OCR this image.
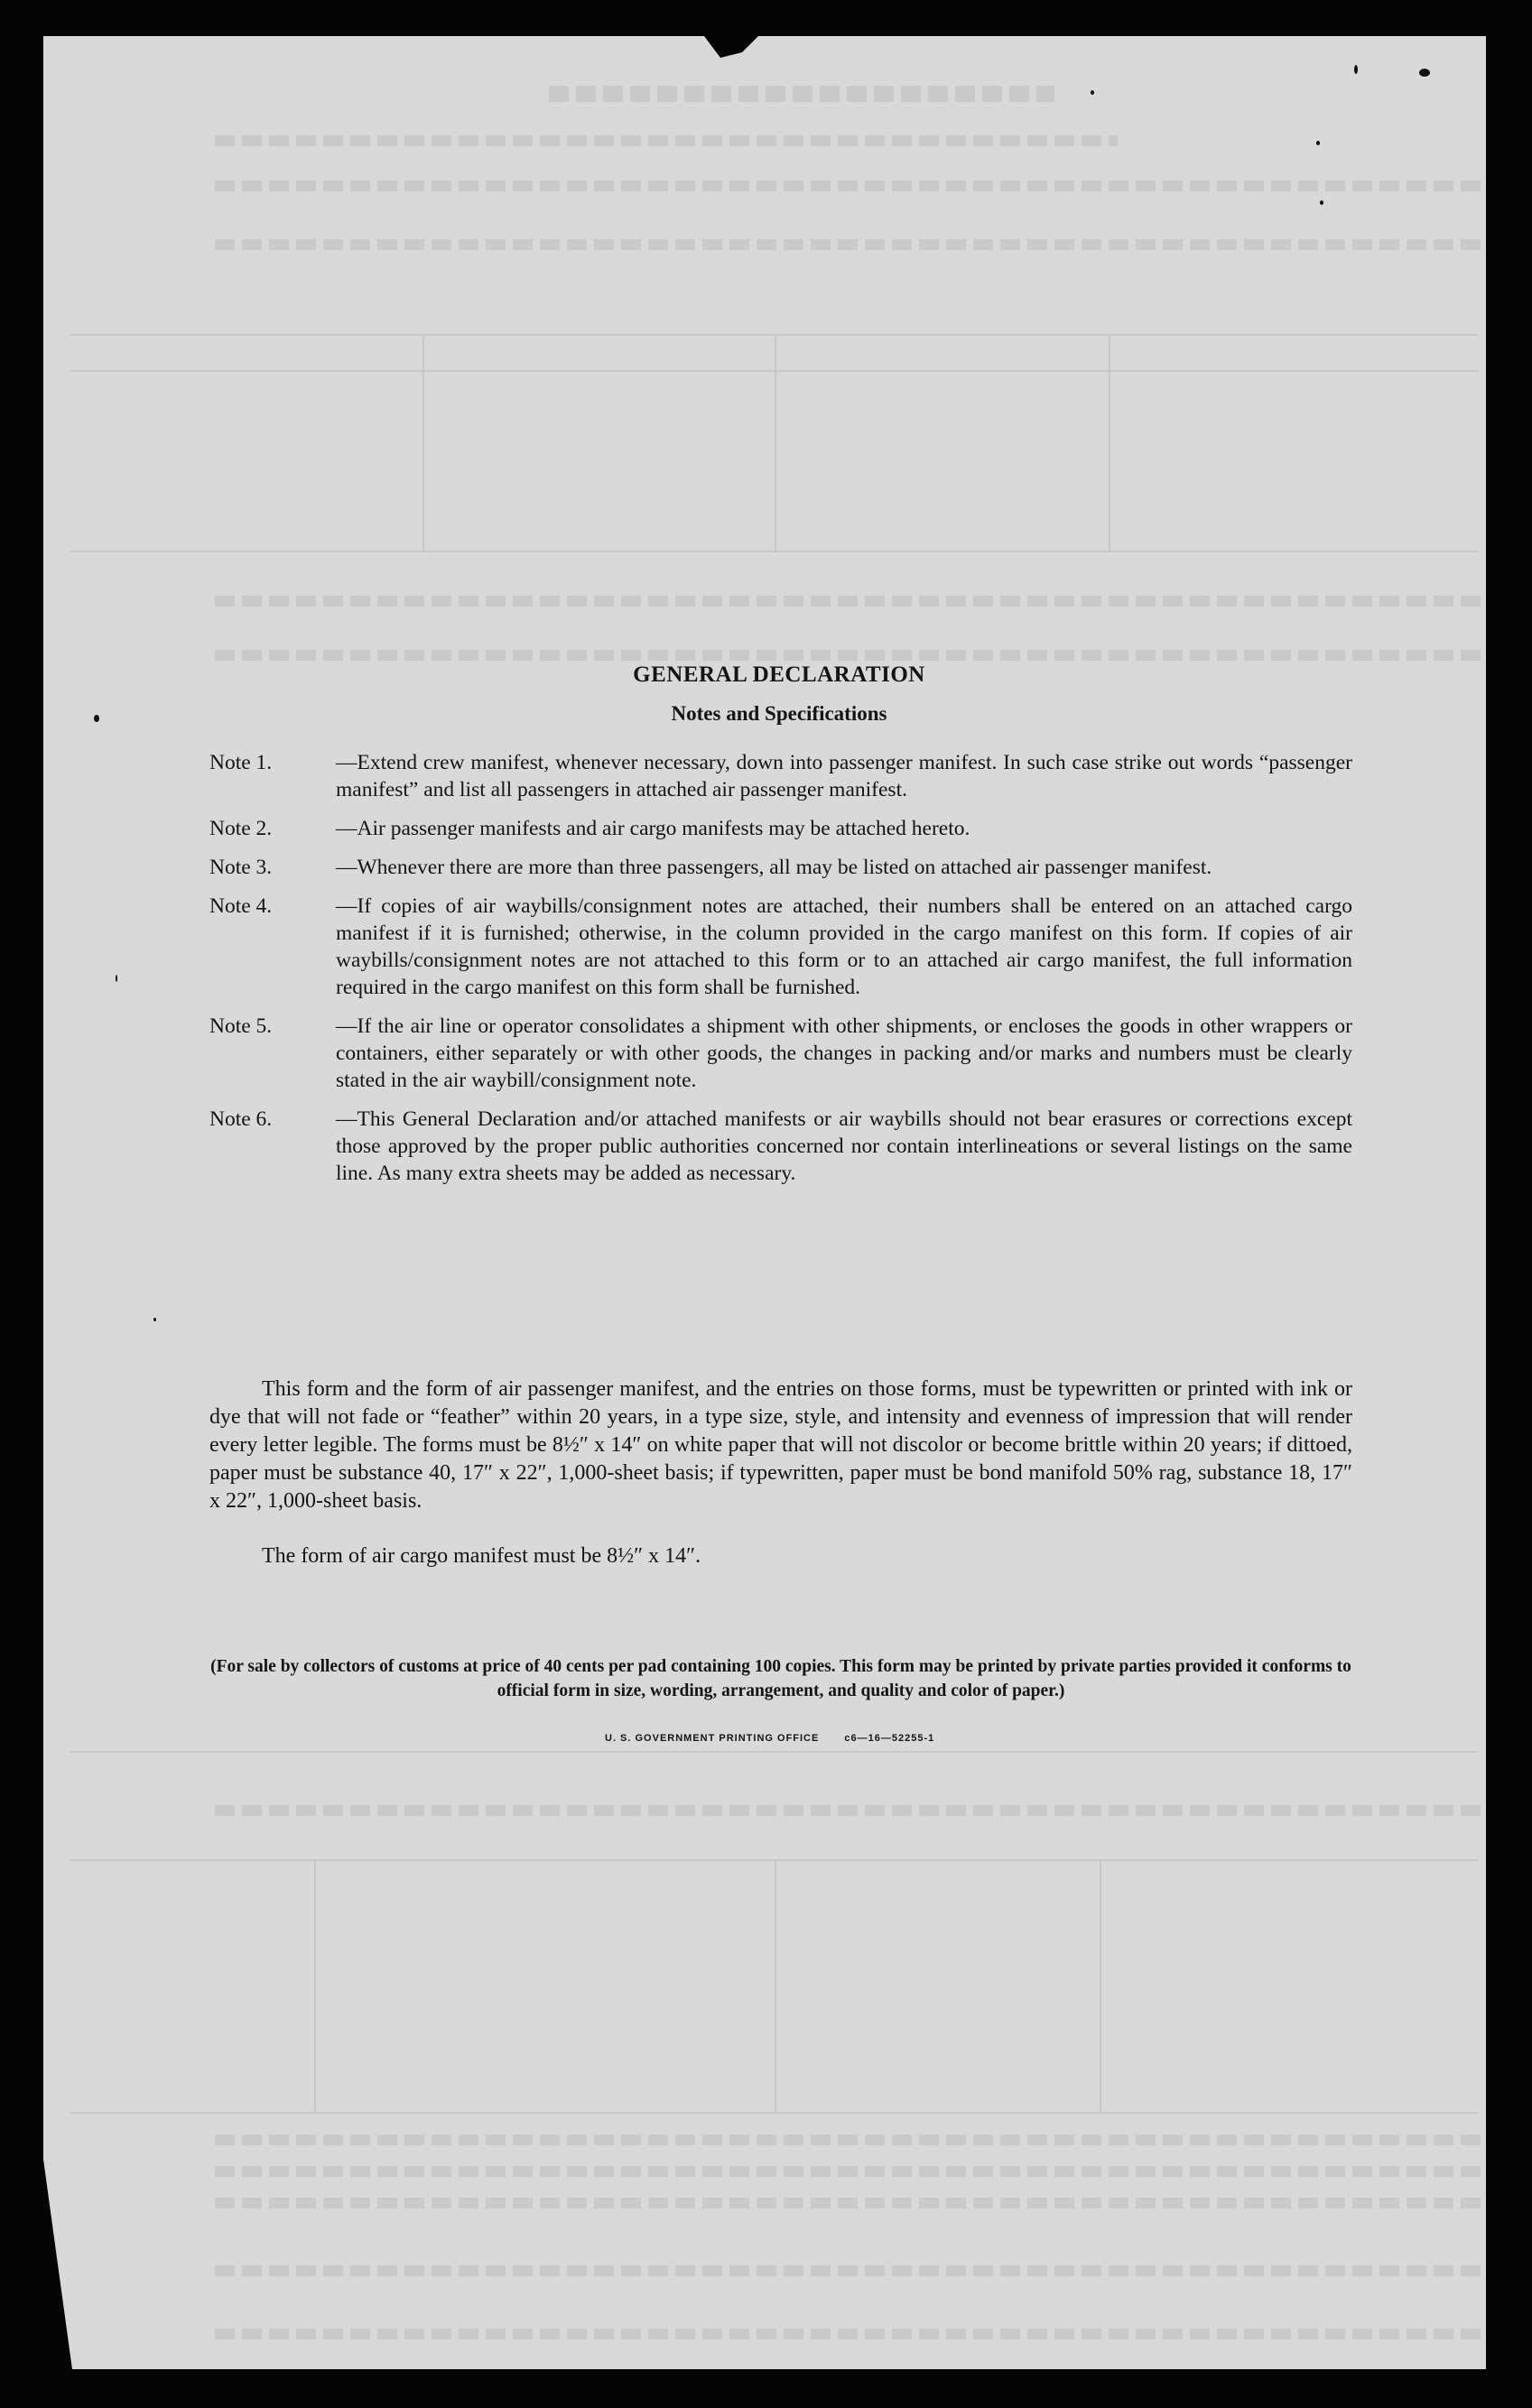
GENERAL DECLARATION
Notes and Specifications
Note 1.	—Extend crew manifest, whenever necessary, down into passenger manifest. In such case strike out words “passenger manifest” and list all passengers in attached air passenger manifest.
Note 2.	—Air passenger manifests and air cargo manifests may be attached hereto.
Note 3.	—Whenever there are more than three passengers, all may be listed on attached air passenger manifest.
Note 4.	—If copies of air waybills/consignment notes are attached, their numbers shall be entered on an attached cargo manifest if it is furnished; otherwise, in the column provided in the cargo manifest on this form. If copies of air waybills/consignment notes are not attached to this form or to an attached air cargo manifest, the full information required in the cargo manifest on this form shall be furnished.
Note 5.	—If the air line or operator consolidates a shipment with other shipments, or encloses the goods in other wrappers or containers, either separately or with other goods, the changes in packing and/or marks and numbers must be clearly stated in the air waybill/consignment note.
Note 6.	—This General Declaration and/or attached manifests or air waybills should not bear erasures or corrections except those approved by the proper public authorities concerned nor contain interlineations or several listings on the same line. As many extra sheets may be added as necessary.
This form and the form of air passenger manifest, and the entries on those forms, must be typewritten or printed with ink or dye that will not fade or “feather” within 20 years, in a type size, style, and intensity and evenness of impression that will render every letter legible. The forms must be 8½″ x 14″ on white paper that will not discolor or become brittle within 20 years; if dittoed, paper must be substance 40, 17″ x 22″, 1,000-sheet basis; if typewritten, paper must be bond manifold 50% rag, substance 18, 17″ x 22″, 1,000-sheet basis.
The form of air cargo manifest must be 8½″ x 14″.
(For sale by collectors of customs at price of 40 cents per pad containing 100 copies. This form may be printed by private parties provided it conforms to official form in size, wording, arrangement, and quality and color of paper.)
U. S. GOVERNMENT PRINTING OFFICE	c6—16—52255-1
